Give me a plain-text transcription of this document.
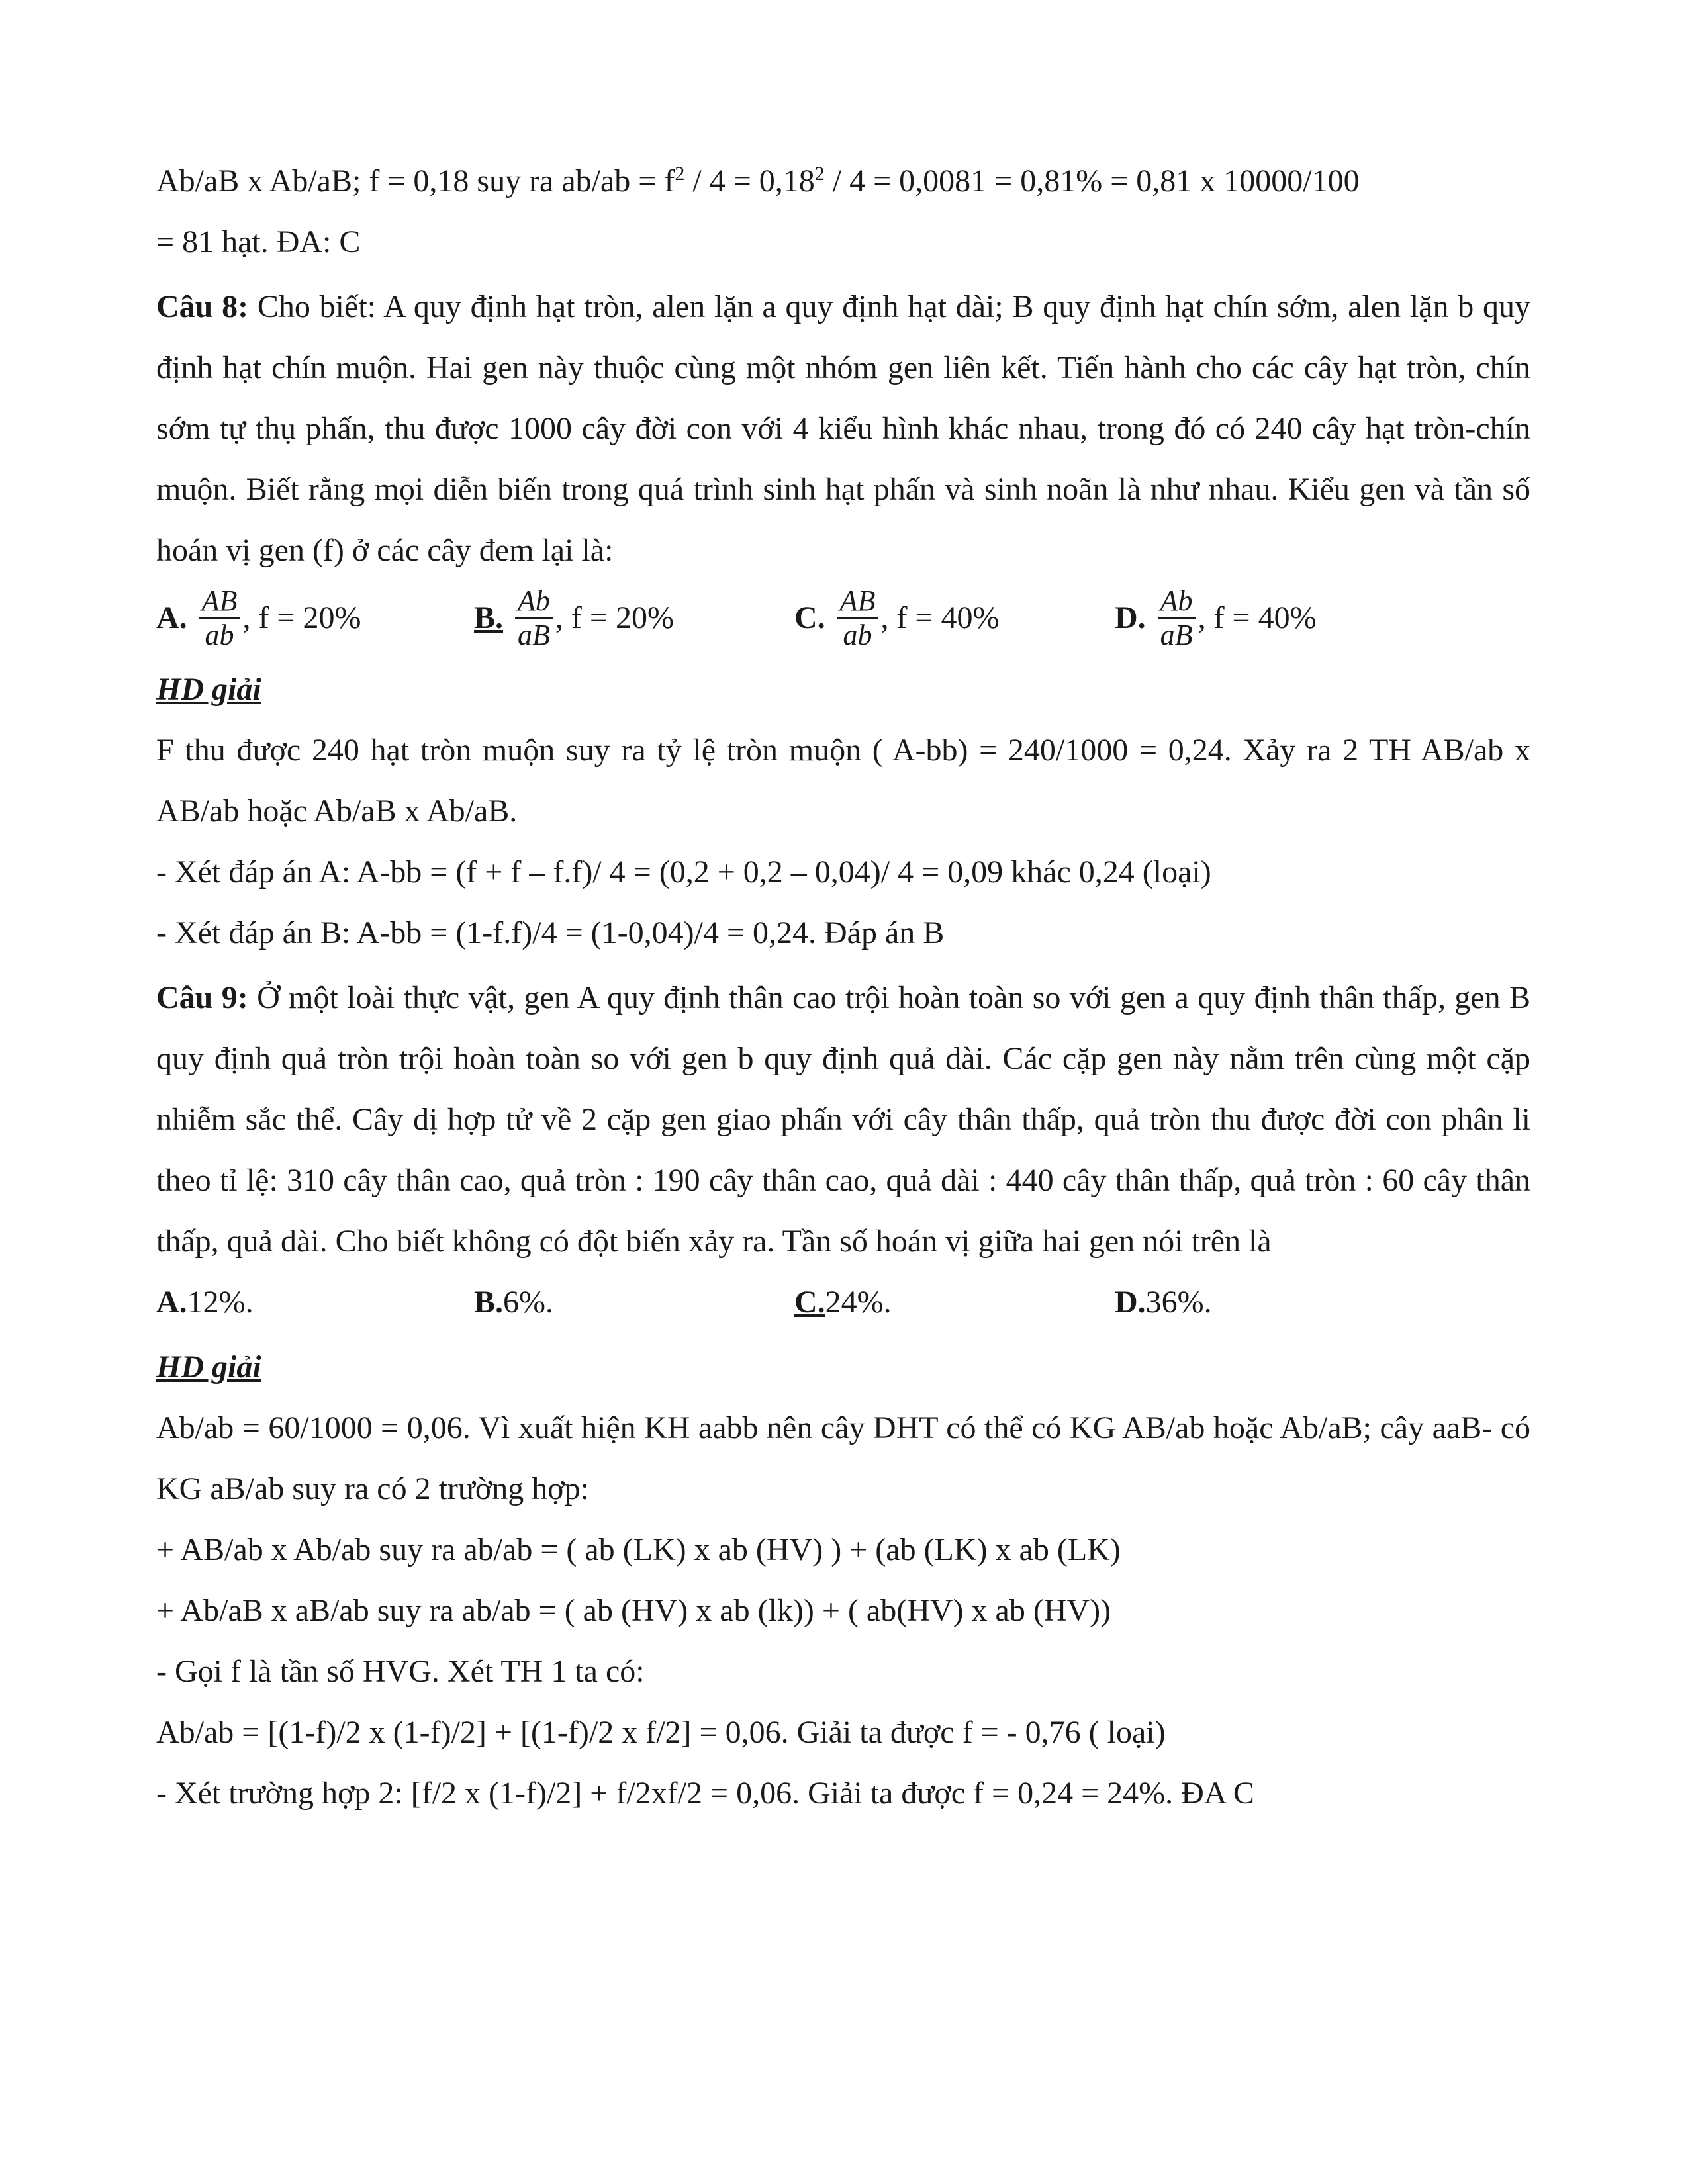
Ab/aB x Ab/aB; f = 0,18 suy ra $ab/ab = f^2 / 4 = 0,18^2 / 4 = 0,0081 = 0,81\% = 0,81$ x 10000/100

= 81 hạt. ĐA: C

Câu 8: Cho biết: A quy định hạt tròn, alen lặn a quy định hạt dài; B quy định hạt chín sớm, alen lặn b quy định hạt chín muộn. Hai gen này thuộc cùng một nhóm gen liên kết. Tiến hành cho các cây hạt tròn, chín sớm tự thụ phấn, thu được 1000 cây đời con với 4 kiểu hình khác nhau, trong đó có 240 cây hạt tròn-chín muộn. Biết rằng mọi diễn biến trong quá trình sinh hạt phấn và sinh noãn là như nhau. Kiểu gen và tần số hoán vị gen (f) ở các cây đem lại là:

A. $\frac{AB}{ab}$ , f = 20%	B. $\frac{Ab}{aB}$ , f = 20%	C. $\frac{AB}{ab}$ , f = 40%	D. $\frac{Ab}{aB}$ , f = 40%

HD giải

F thu được 240 hạt tròn muộn suy ra tỷ lệ tròn muộn ( A-bb) = 240/1000 = 0,24. Xảy ra 2 TH AB/ab x AB/ab hoặc Ab/aB x Ab/aB.

- Xét đáp án A: A-bb = (f + f – f.f)/ 4 = (0,2 + 0,2 – 0,04)/ 4 = 0,09 khác 0,24 (loại)

- Xét đáp án B: A-bb = (1-f.f)/4 = (1-0,04)/4 = 0,24. Đáp án B

Câu 9: Ở một loài thực vật, gen A quy định thân cao trội hoàn toàn so với gen a quy định thân thấp, gen B quy định quả tròn trội hoàn toàn so với gen b quy định quả dài. Các cặp gen này nằm trên cùng một cặp nhiễm sắc thể. Cây dị hợp tử về 2 cặp gen giao phấn với cây thân thấp, quả tròn thu được đời con phân li theo tỉ lệ: 310 cây thân cao, quả tròn : 190 cây thân cao, quả dài : 440 cây thân thấp, quả tròn : 60 cây thân thấp, quả dài. Cho biết không có đột biến xảy ra. Tần số hoán vị giữa hai gen nói trên là

A. 12%.	B. 6%.	C. 24%.	D. 36%.

HD giải

Ab/ab = 60/1000 = 0,06. Vì xuất hiện KH aabb nên cây DHT có thể có KG AB/ab hoặc Ab/aB; cây aaB- có KG aB/ab suy ra có 2 trường hợp:

+ AB/ab x Ab/ab suy ra ab/ab = ( ab (LK) x ab (HV) ) + (ab (LK) x ab (LK)

+ Ab/aB x aB/ab suy ra ab/ab = ( ab (HV) x ab (lk)) + ( ab(HV) x ab (HV))

- Gọi f là tần số HVG. Xét TH 1 ta có:

Ab/ab = [(1-f)/2 x (1-f)/2] + [(1-f)/2 x f/2] = 0,06. Giải ta được f = - 0,76 ( loại)

- Xét trường hợp 2: [f/2 x (1-f)/2] + f/2xf/2 = 0,06. Giải ta được f = 0,24 = 24%. ĐA C
